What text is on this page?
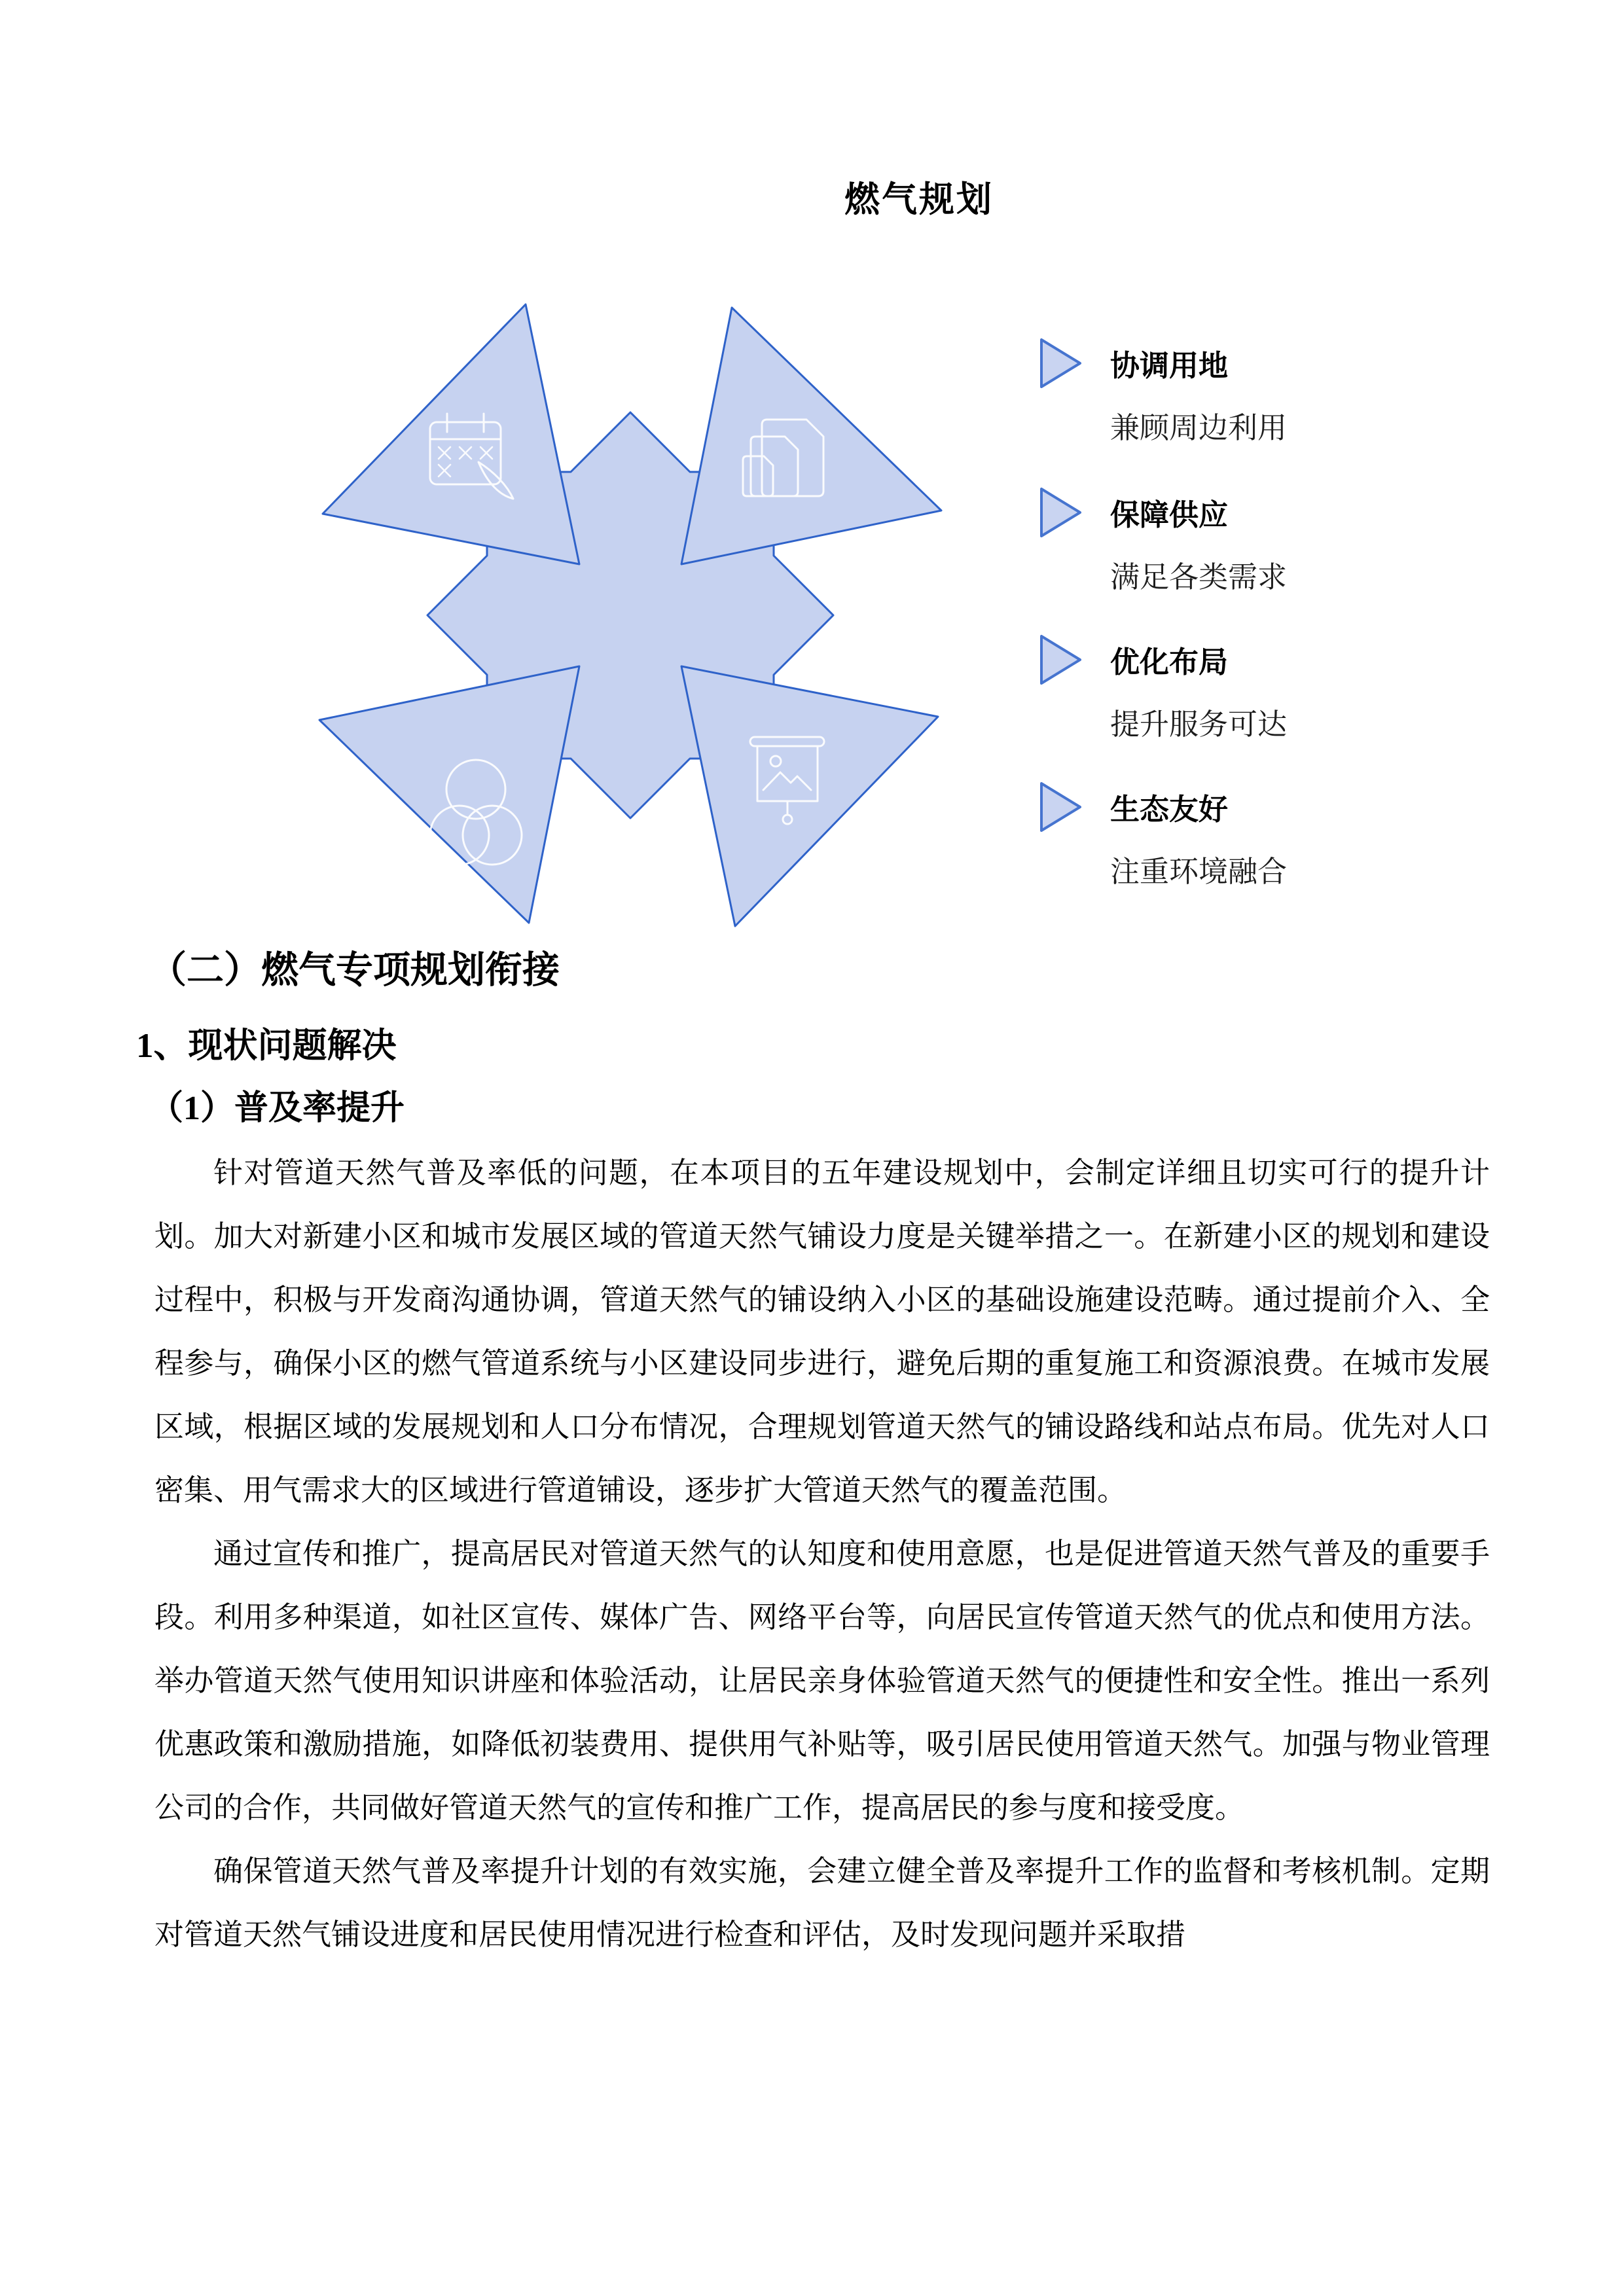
燃气规划
协调用地
兼顾周边利用
保障供应
满足各类需求
优化布局
提升服务可达
生态友好
注重环境融合
（二）燃气专项规划衔接
1、现状问题解决
（1）普及率提升

针对管道天然气普及率低的问题，在本项目的五年建设规划中，会制定详细且切实可行的提升计划。加大对新建小区和城市发展区域的管道天然气铺设力度是关键举措之一。在新建小区的规划和建设过程中，积极与开发商沟通协调，管道天然气的铺设纳入小区的基础设施建设范畴。通过提前介入、全程参与，确保小区的燃气管道系统与小区建设同步进行，避免后期的重复施工和资源浪费。在城市发展区域，根据区域的发展规划和人口分布情况，合理规划管道天然气的铺设路线和站点布局。优先对人口密集、用气需求大的区域进行管道铺设，逐步扩大管道天然气的覆盖范围。

通过宣传和推广，提高居民对管道天然气的认知度和使用意愿，也是促进管道天然气普及的重要手段。利用多种渠道，如社区宣传、媒体广告、网络平台等，向居民宣传管道天然气的优点和使用方法。举办管道天然气使用知识讲座和体验活动，让居民亲身体验管道天然气的便捷性和安全性。推出一系列优惠政策和激励措施，如降低初装费用、提供用气补贴等，吸引居民使用管道天然气。加强与物业管理公司的合作，共同做好管道天然气的宣传和推广工作，提高居民的参与度和接受度。

确保管道天然气普及率提升计划的有效实施，会建立健全普及率提升工作的监督和考核机制。定期对管道天然气铺设进度和居民使用情况进行检查和评估，及时发现问题并采取措
